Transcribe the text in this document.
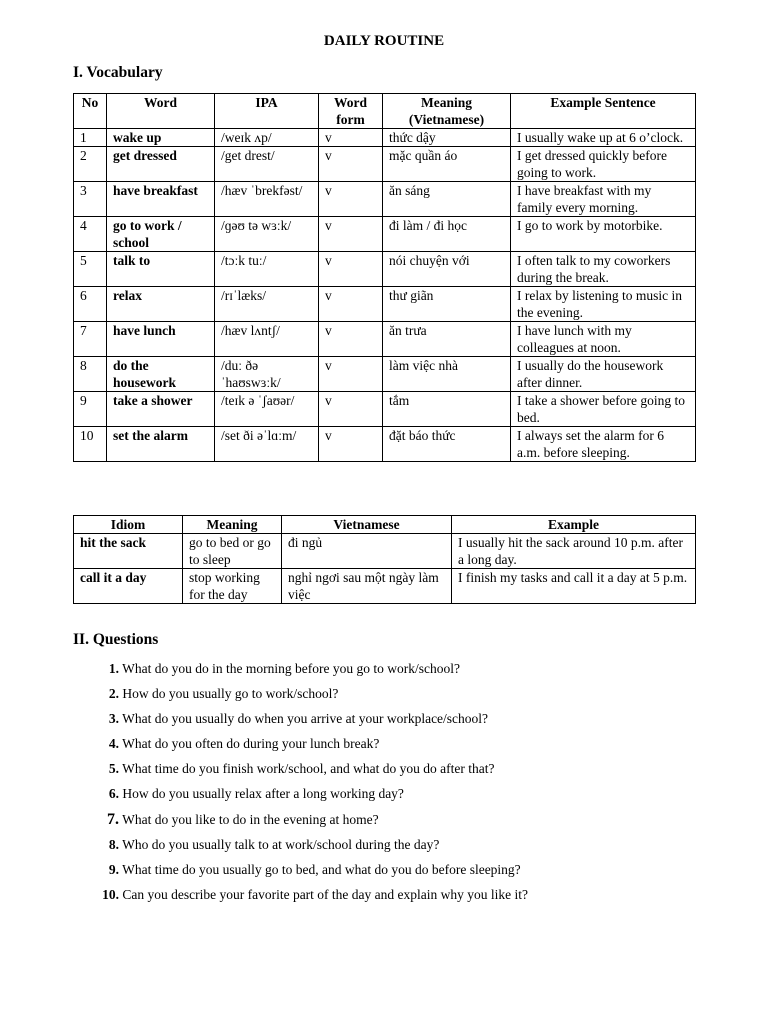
DAILY ROUTINE
I. Vocabulary
No	Word	IPA	Word form	Meaning (Vietnamese)	Example Sentence
1	wake up	/weɪk ʌp/	v	thức dậy	I usually wake up at 6 o’clock.
2	get dressed	/get drest/	v	mặc quần áo	I get dressed quickly before going to work.
3	have breakfast	/hæv ˈbrekfəst/	v	ăn sáng	I have breakfast with my family every morning.
4	go to work / school	/ɡəʊ tə wɜːk/	v	đi làm / đi học	I go to work by motorbike.
5	talk to	/tɔːk tuː/	v	nói chuyện với	I often talk to my coworkers during the break.
6	relax	/rɪˈlæks/	v	thư giãn	I relax by listening to music in the evening.
7	have lunch	/hæv lʌntʃ/	v	ăn trưa	I have lunch with my colleagues at noon.
8	do the housework	/duː ðə ˈhaʊswɜːk/	v	làm việc nhà	I usually do the housework after dinner.
9	take a shower	/teɪk ə ˈʃaʊər/	v	tắm	I take a shower before going to bed.
10	set the alarm	/set ði əˈlɑːm/	v	đặt báo thức	I always set the alarm for 6 a.m. before sleeping.
Idiom	Meaning	Vietnamese	Example
hit the sack	go to bed or go to sleep	đi ngủ	I usually hit the sack around 10 p.m. after a long day.
call it a day	stop working for the day	nghỉ ngơi sau một ngày làm việc	I finish my tasks and call it a day at 5 p.m.
II. Questions
1. What do you do in the morning before you go to work/school?
2. How do you usually go to work/school?
3. What do you usually do when you arrive at your workplace/school?
4. What do you often do during your lunch break?
5. What time do you finish work/school, and what do you do after that?
6. How do you usually relax after a long working day?
7. What do you like to do in the evening at home?
8. Who do you usually talk to at work/school during the day?
9. What time do you usually go to bed, and what do you do before sleeping?
10. Can you describe your favorite part of the day and explain why you like it?
